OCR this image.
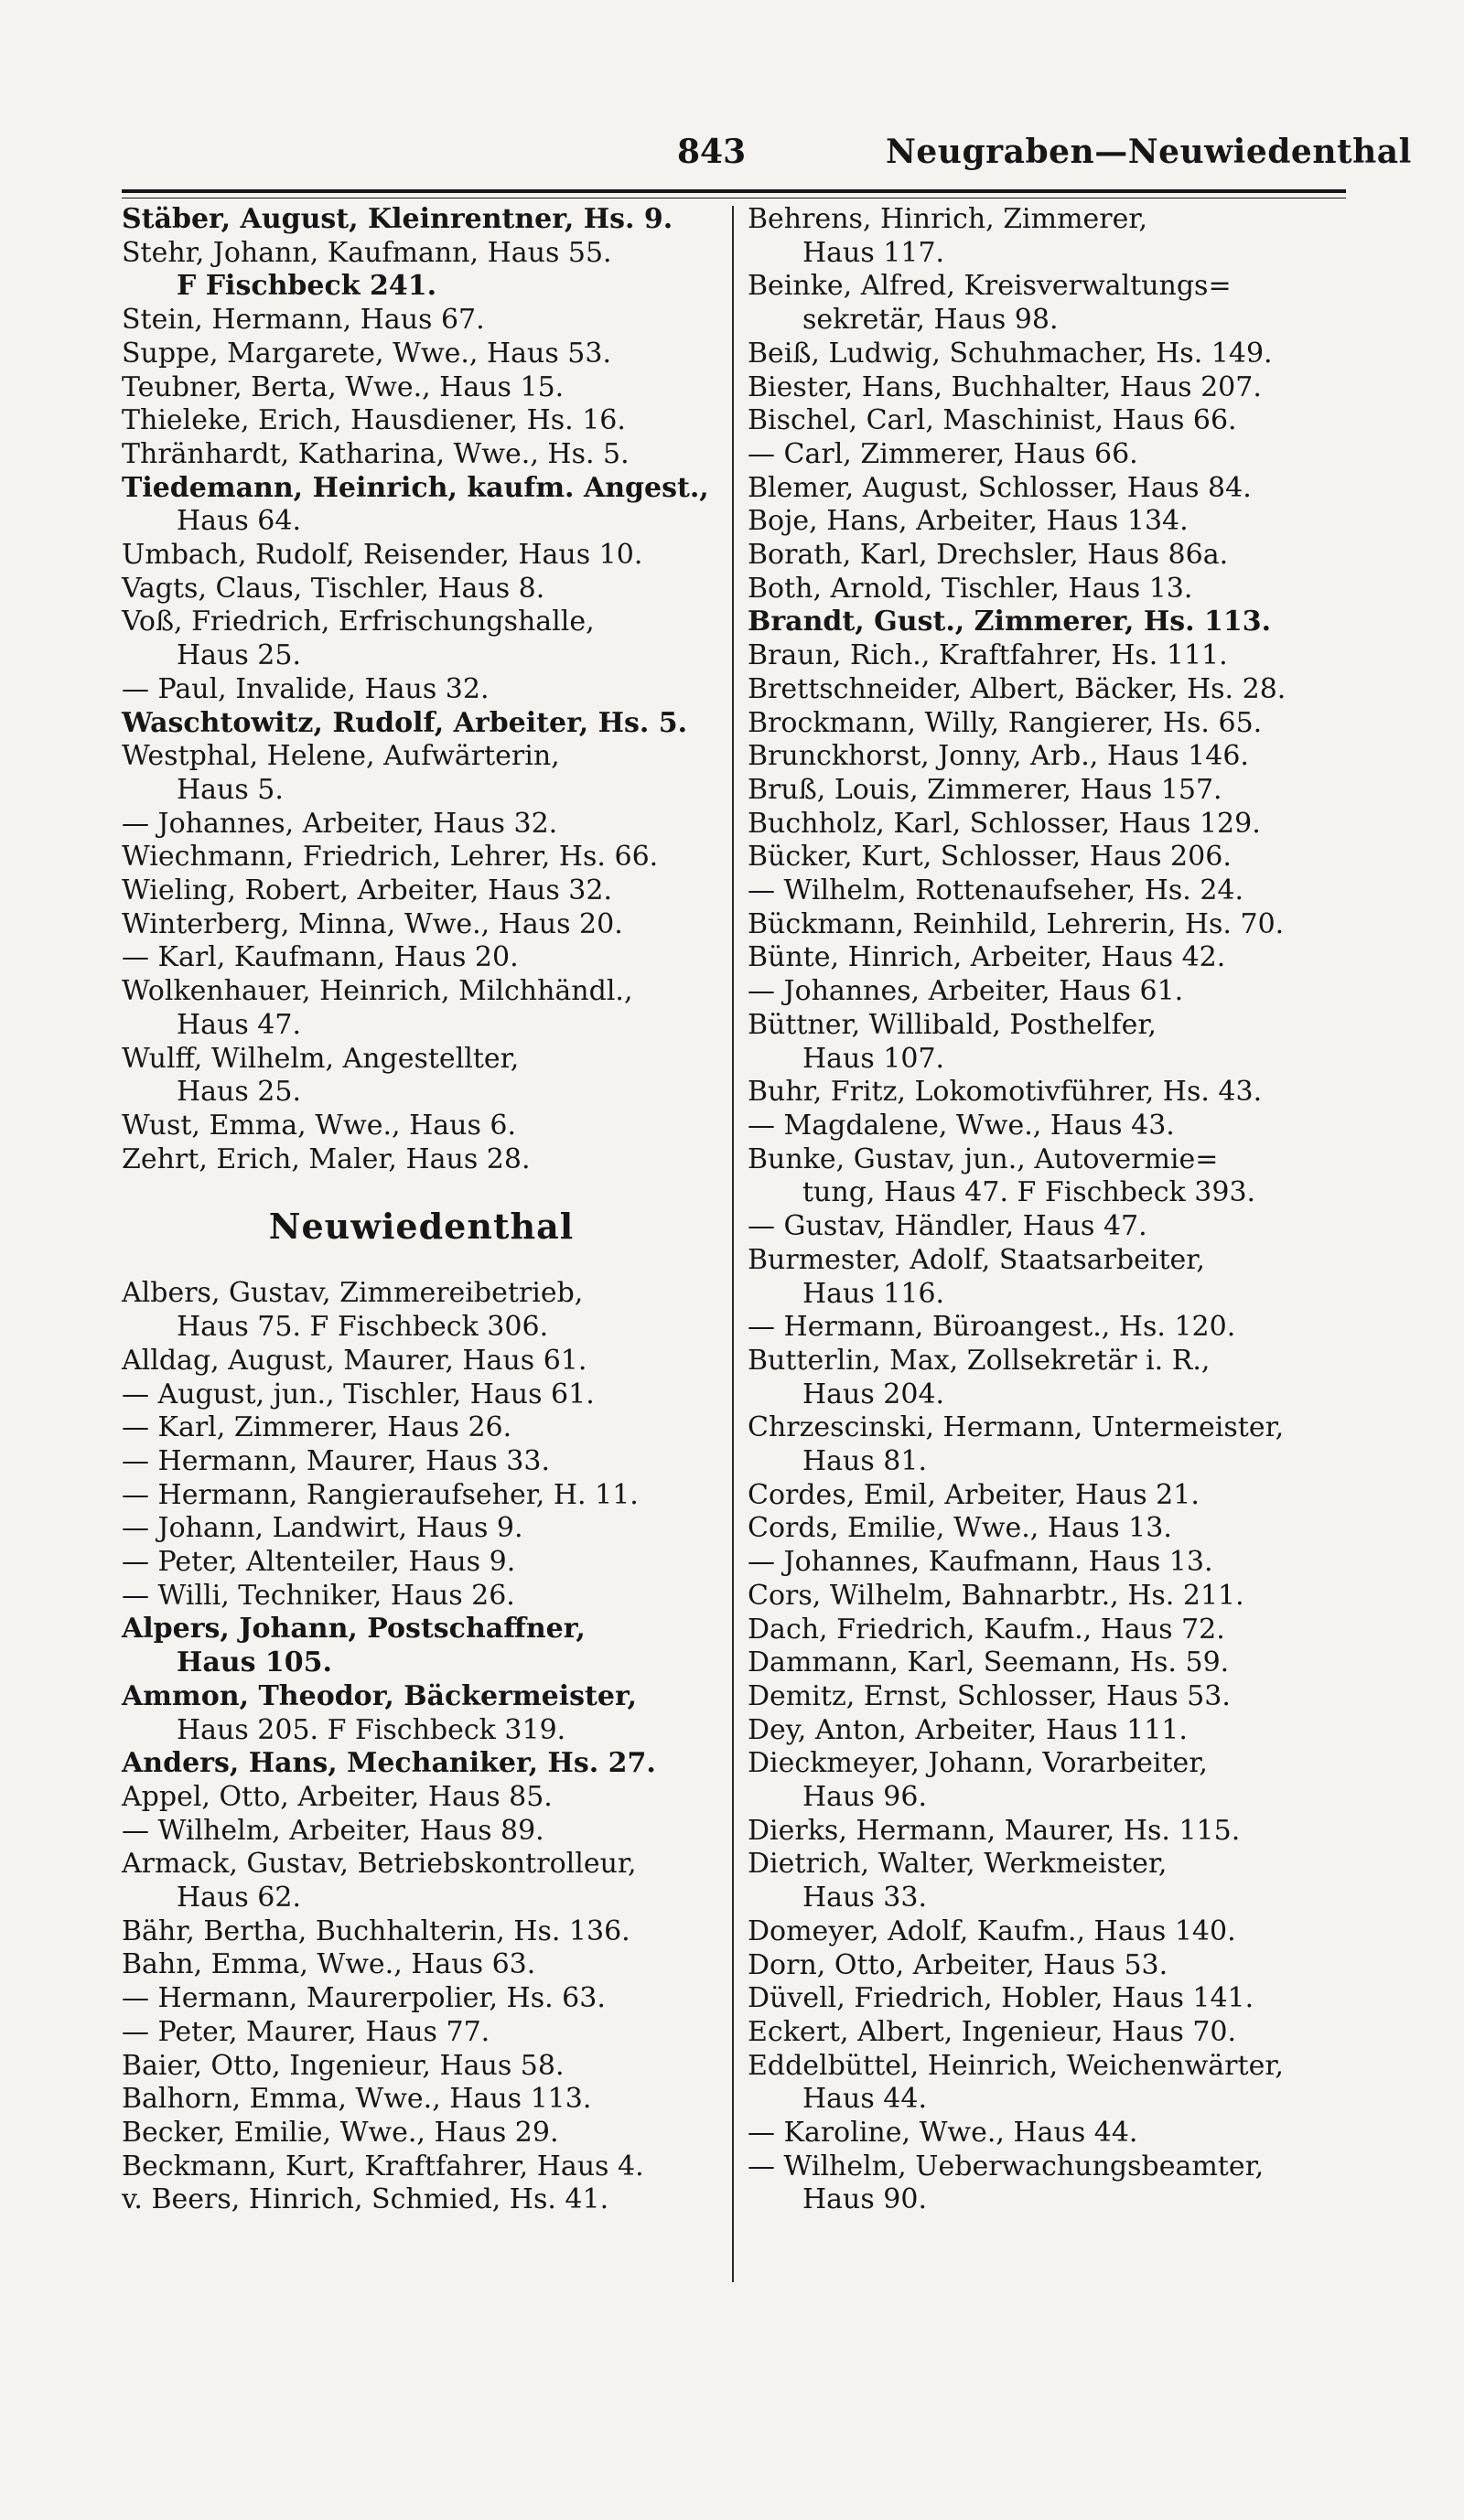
843	Neugraben—Neuwiedenthal
Stäber, August, Kleinrentner, Hs. 9.
Stehr, Johann, Kaufmann, Haus 55.
F Fischbeck 241.
Stein, Hermann, Haus 67.
Suppe, Margarete, Wwe., Haus 53.
Teubner, Berta, Wwe., Haus 15.
Thieleke, Erich, Hausdiener, Hs. 16.
Thränhardt, Katharina, Wwe., Hs. 5.
Tiedemann, Heinrich, kaufm. Angest.,
Haus 64.
Umbach, Rudolf, Reisender, Haus 10.
Vagts, Claus, Tischler, Haus 8.
Voß, Friedrich, Erfrischungshalle,
Haus 25.
— Paul, Invalide, Haus 32.
Waschtowitz, Rudolf, Arbeiter, Hs. 5.
Westphal, Helene, Aufwärterin,
Haus 5.
— Johannes, Arbeiter, Haus 32.
Wiechmann, Friedrich, Lehrer, Hs. 66.
Wieling, Robert, Arbeiter, Haus 32.
Winterberg, Minna, Wwe., Haus 20.
— Karl, Kaufmann, Haus 20.
Wolkenhauer, Heinrich, Milchhändl.,
Haus 47.
Wulff, Wilhelm, Angestellter,
Haus 25.
Wust, Emma, Wwe., Haus 6.
Zehrt, Erich, Maler, Haus 28.
Neuwiedenthal
Albers, Gustav, Zimmereibetrieb,
Haus 75. F Fischbeck 306.
Alldag, August, Maurer, Haus 61.
— August, jun., Tischler, Haus 61.
— Karl, Zimmerer, Haus 26.
— Hermann, Maurer, Haus 33.
— Hermann, Rangieraufseher, H. 11.
— Johann, Landwirt, Haus 9.
— Peter, Altenteiler, Haus 9.
— Willi, Techniker, Haus 26.
Alpers, Johann, Postschaffner,
Haus 105.
Ammon, Theodor, Bäckermeister,
Haus 205. F Fischbeck 319.
Anders, Hans, Mechaniker, Hs. 27.
Appel, Otto, Arbeiter, Haus 85.
— Wilhelm, Arbeiter, Haus 89.
Armack, Gustav, Betriebskontrolleur,
Haus 62.
Bähr, Bertha, Buchhalterin, Hs. 136.
Bahn, Emma, Wwe., Haus 63.
— Hermann, Maurerpolier, Hs. 63.
— Peter, Maurer, Haus 77.
Baier, Otto, Ingenieur, Haus 58.
Balhorn, Emma, Wwe., Haus 113.
Becker, Emilie, Wwe., Haus 29.
Beckmann, Kurt, Kraftfahrer, Haus 4.
v. Beers, Hinrich, Schmied, Hs. 41.
Behrens, Hinrich, Zimmerer,
Haus 117.
Beinke, Alfred, Kreisverwaltungs=
sekretär, Haus 98.
Beiß, Ludwig, Schuhmacher, Hs. 149.
Biester, Hans, Buchhalter, Haus 207.
Bischel, Carl, Maschinist, Haus 66.
— Carl, Zimmerer, Haus 66.
Blemer, August, Schlosser, Haus 84.
Boje, Hans, Arbeiter, Haus 134.
Borath, Karl, Drechsler, Haus 86a.
Both, Arnold, Tischler, Haus 13.
Brandt, Gust., Zimmerer, Hs. 113.
Braun, Rich., Kraftfahrer, Hs. 111.
Brettschneider, Albert, Bäcker, Hs. 28.
Brockmann, Willy, Rangierer, Hs. 65.
Brunckhorst, Jonny, Arb., Haus 146.
Bruß, Louis, Zimmerer, Haus 157.
Buchholz, Karl, Schlosser, Haus 129.
Bücker, Kurt, Schlosser, Haus 206.
— Wilhelm, Rottenaufseher, Hs. 24.
Bückmann, Reinhild, Lehrerin, Hs. 70.
Bünte, Hinrich, Arbeiter, Haus 42.
— Johannes, Arbeiter, Haus 61.
Büttner, Willibald, Posthelfer,
Haus 107.
Buhr, Fritz, Lokomotivführer, Hs. 43.
— Magdalene, Wwe., Haus 43.
Bunke, Gustav, jun., Autovermie=
tung, Haus 47. F Fischbeck 393.
— Gustav, Händler, Haus 47.
Burmester, Adolf, Staatsarbeiter,
Haus 116.
— Hermann, Büroangest., Hs. 120.
Butterlin, Max, Zollsekretär i. R.,
Haus 204.
Chrzescinski, Hermann, Untermeister,
Haus 81.
Cordes, Emil, Arbeiter, Haus 21.
Cords, Emilie, Wwe., Haus 13.
— Johannes, Kaufmann, Haus 13.
Cors, Wilhelm, Bahnarbtr., Hs. 211.
Dach, Friedrich, Kaufm., Haus 72.
Dammann, Karl, Seemann, Hs. 59.
Demitz, Ernst, Schlosser, Haus 53.
Dey, Anton, Arbeiter, Haus 111.
Dieckmeyer, Johann, Vorarbeiter,
Haus 96.
Dierks, Hermann, Maurer, Hs. 115.
Dietrich, Walter, Werkmeister,
Haus 33.
Domeyer, Adolf, Kaufm., Haus 140.
Dorn, Otto, Arbeiter, Haus 53.
Düvell, Friedrich, Hobler, Haus 141.
Eckert, Albert, Ingenieur, Haus 70.
Eddelbüttel, Heinrich, Weichenwärter,
Haus 44.
— Karoline, Wwe., Haus 44.
— Wilhelm, Ueberwachungsbeamter,
Haus 90.
